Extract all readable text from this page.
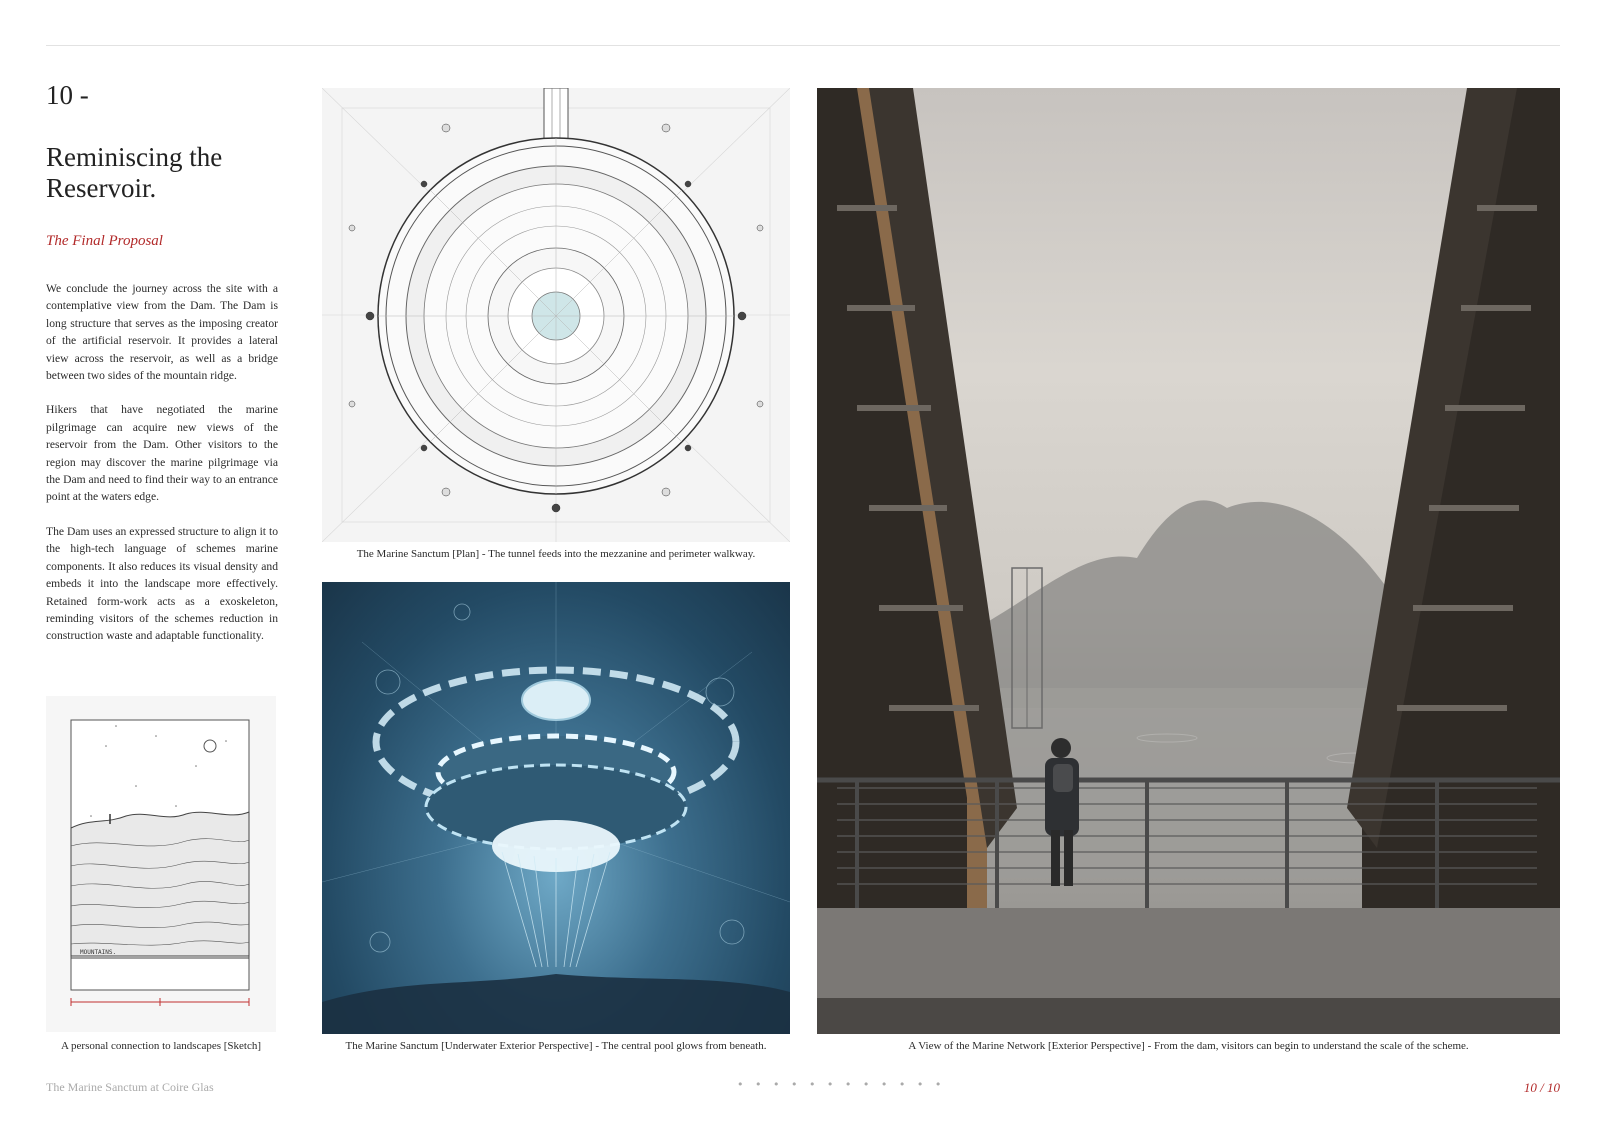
10 -
Reminiscing the Reservoir.
The Final Proposal

We conclude the journey across the site with a contemplative view from the Dam. The Dam is long structure that serves as the imposing creator of the artificial reservoir. It provides a lateral view across the reservoir, as well as a bridge between two sides of the mountain ridge.

Hikers that have negotiated the marine pilgrimage can acquire new views of the reservoir from the Dam. Other visitors to the region may discover the marine pilgrimage via the Dam and need to find their way to an entrance point at the waters edge.

The Dam uses an expressed structure to align it to the high-tech language of schemes marine components. It also reduces its visual density and embeds it into the landscape more effectively. Retained form-work acts as a exoskeleton, reminding visitors of the schemes reduction in construction waste and adaptable functionality.

MOUNTAINS.
A personal connection to landscapes [Sketch]
The Marine Sanctum [Plan] - The tunnel feeds into the mezzanine and perimeter walkway.
The Marine Sanctum [Underwater Exterior Perspective] - The central pool glows from beneath.	A View of the Marine Network [Exterior Perspective] - From the dam, visitors can begin to understand the scale of the scheme.
The Marine Sanctum at Coire Glas	• • • • • • • • • • • •	10 / 10
